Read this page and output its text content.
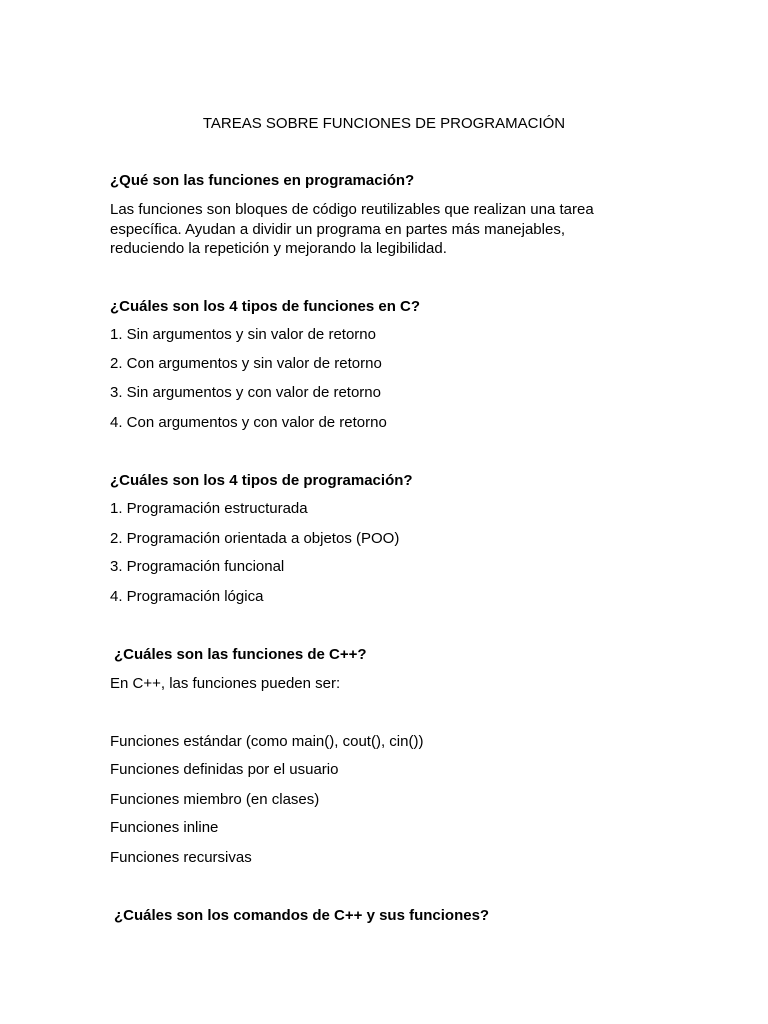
TAREAS SOBRE FUNCIONES DE PROGRAMACIÓN
¿Qué son las funciones en programación?
Las funciones son bloques de código reutilizables que realizan una tarea
específica. Ayudan a dividir un programa en partes más manejables,
reduciendo la repetición y mejorando la legibilidad.
¿Cuáles son los 4 tipos de funciones en C?
1. Sin argumentos y sin valor de retorno
2. Con argumentos y sin valor de retorno
3. Sin argumentos y con valor de retorno
4. Con argumentos y con valor de retorno
¿Cuáles son los 4 tipos de programación?
1. Programación estructurada
2. Programación orientada a objetos (POO)
3. Programación funcional
4. Programación lógica
¿Cuáles son las funciones de C++?
En C++, las funciones pueden ser:
Funciones estándar (como main(), cout(), cin())
Funciones definidas por el usuario
Funciones miembro (en clases)
Funciones inline
Funciones recursivas
¿Cuáles son los comandos de C++ y sus funciones?
